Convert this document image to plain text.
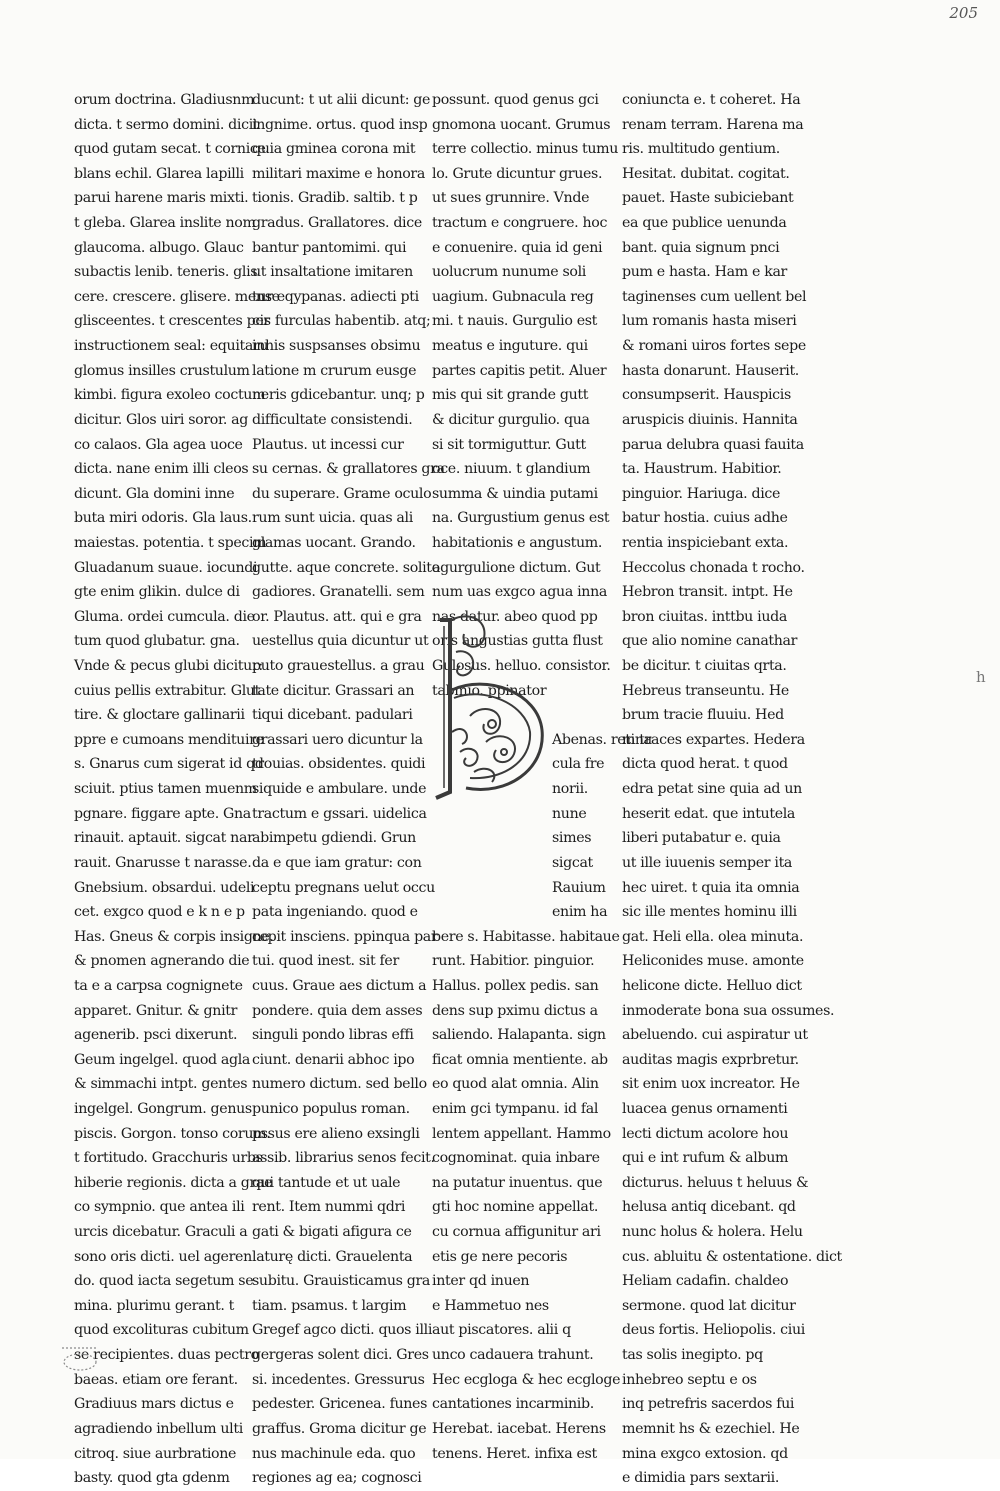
205
h
orum doctrina. Gladiusnm
dicta. t sermo domini. dicit
quod gutam secat. t cornice
blans echil. Glarea lapilli
parui harene maris mixti.
t gleba. Glarea inslite nom
glaucoma. albugo. Glauc
subactis lenib. teneris. glis
cere. crescere. glisere. mense
glisceentes. t crescentes per
instructionem seal: equitaru
glomus insilles crustulum
kimbi. figura exoleo coctum
dicitur. Glos uiri soror. ag
co calaos. Gla agea uoce
dicta. nane enim illi cleos
dicunt. Gla domini inne
buta miri odoris. Gla laus.
maiestas. potentia. t specim
Gluadanum suaue. iocundi
gte enim glikin. dulce di
Gluma. ordei cumcula. die
tum quod glubatur. gna.
Vnde & pecus glubi dicitur:
cuius pellis extrabitur. Glut
tire. & gloctare gallinarii
ppre e cumoans mendituire
s. Gnarus cum sigerat id qd
sciuit. ptius tamen muenm
pgnare. figgare apte. Gna
rinauit. aptauit. sigcat nar
rauit. Gnarusse t narasse.
Gnebsium. obsardui. udeli
cet. exgco quod e k n e p
Has. Gneus & corpis insigne.
& pnomen agnerando die
ta e a carpsa cognignete
apparet. Gnitur. & gnitr
agenerib. psci dixerunt.
Geum ingelgel. quod agla
& simmachi intpt. gentes
ingelgel. Gongrum. genus
piscis. Gorgon. tonso corum.
t fortitudo. Gracchuris urbs
hiberie regionis. dicta a grae
co sympnio. que antea ili
urcis dicebatur. Graculi a
sono oris dicti. uel ageren
do. quod iacta segetum se
mina. plurimu gerant. t
quod excolituras cubitum
se recipientes. duas pectro
baeas. etiam ore ferant.
Gradiuus mars dictus e
agradiendo inbellum ulti
citroq. siue aurbratione
basty. quod gta gdenm
ducunt: t ut alii dicunt: ge
ingnime. ortus. quod insp
quia gminea corona mit
militari maxime e honora
tionis. Gradib. saltib. t p
gradus. Grallatores. dice
bantur pantomimi. qui
ut insaltatione imitaren
tur eqypanas. adiecti pti
cis furculas habentib. atq;
inhis suspsanses obsimu
latione m crurum eusge
neris gdicebantur. unq; p
difficultate consistendi.
Plautus. ut incessi cur
su cernas. & grallatores gra
du superare. Grame oculo
rum sunt uicia. quas ali
glamas uocant. Grando.
gutte. aque concrete. solito
gadiores. Granatelli. sem
or. Plautus. att. qui e gra
uestellus quia dicuntur ut
puto grauestellus. a grau
tate dicitur. Grassari an
tiqui dicebant. padulari
grassari uero dicuntur la
trouias. obsidentes. quidi
siquide e ambulare. unde
tractum e gssari. uidelica
abimpetu gdiendi. Grun
da e que iam gratur: con
ceptu pregnans uelut occu
pata ingeniando. quod e
cepit insciens. ppinqua par
tui. quod inest. sit fer
cuus. Graue aes dictum a
pondere. quia dem asses
singuli pondo libras effi
ciunt. denarii abhoc ipo
numero dictum. sed bello
punico populus roman.
pssus ere alieno exsingli
assib. librarius senos fecit.
qui tantude et ut uale
rent. Item nummi qdri
gati & bigati afigura ce
laturę dicti. Grauelenta
subitu. Grauisticamus gra
tiam. psamus. t largim
Gregef agco dicti. quos illi
gergeras solent dici. Gres
si. incedentes. Gressurus
pedester. Gricenea. funes
graffus. Groma dicitur ge
nus machinule eda. quo
regiones ag ea; cognosci
possunt. quod genus gci
gnomona uocant. Grumus
terre collectio. minus tumu
lo. Grute dicuntur grues.
ut sues grunnire. Vnde
tractum e congruere. hoc
e conuenire. quia id geni
uolucrum nunume soli
uagium. Gubnacula reg
mi. t nauis. Gurgulio est
meatus e inguture. qui
partes capitis petit. Aluer
mis qui sit grande gutt
& dicitur gurgulio. qua
si sit tormiguttur. Gutt
oce. niuum. t glandium
summa & uindia putami
na. Gurgustium genus est
habitationis e angustum.
agurgulione dictum. Gut
num uas exgco agua inna
nas datur. abeo quod pp
oris angustias gutta flust
Gulosus. helluo. consistor.
tabmio. ppinator
Abenas. retina
cula fre
norii.
nune
simes
sigcat
Rauium
enim ha
bere s. Habitasse. habitaue
runt. Habitior. pinguior.
Hallus. pollex pedis. san
dens sup pximu dictus a
saliendo. Halapanta. sign
ficat omnia mentiente. ab
eo quod alat omnia. Alin
enim gci tympanu. id fal
lentem appellant. Hammo
cognominat. quia inbare
na putatur inuentus. que
gti hoc nomine appellat.
cu cornua affigunitur ari
etis ge nere pecoris
inter qd inuen
e Hammetuo nes
aut piscatores. alii q
unco cadauera trahunt.
Hec ecgloga & hec ecgloge
cantationes incarminib.
Herebat. iacebat. Herens
tenens. Heret. infixa est
coniuncta e. t coheret. Ha
renam terram. Harena ma
ris. multitudo gentium.
Hesitat. dubitat. cogitat.
pauet. Haste subiciebant
ea que publice uenunda
bant. quia signum pnci
pum e hasta. Ham e kar
taginenses cum uellent bel
lum romanis hasta miseri
& romani uiros fortes sepe
hasta donarunt. Hauserit.
consumpserit. Hauspicis
aruspicis diuinis. Hannita
parua delubra quasi fauita
ta. Haustrum. Habitior.
pinguior. Hariuga. dice
batur hostia. cuius adhe
rentia inspiciebant exta.
Heccolus chonada t rocho.
Hebron transit. intpt. He
bron ciuitas. inttbu iuda
que alio nomine canathar
be dicitur. t ciuitas qrta.
Hebreus transeuntu. He
brum tracie fluuiu. Hed
m traces expartes. Hedera
dicta quod herat. t quod
edra petat sine quia ad un
heserit edat. que intutela
liberi putabatur e. quia
ut ille iuuenis semper ita
hec uiret. t quia ita omnia
sic ille mentes hominu illi
gat. Heli ella. olea minuta.
Heliconides muse. amonte
helicone dicte. Helluo dict
inmoderate bona sua ossumes.
abeluendo. cui aspiratur ut
auditas magis exprbretur.
sit enim uox increator. He
luacea genus ornamenti
lecti dictum acolore hou
qui e int rufum & album
dicturus. heluus t heluus &
helusa antiq dicebant. qd
nunc holus & holera. Helu
cus. abluitu & ostentatione. dict
Heliam cadafin. chaldeo
sermone. quod lat dicitur
deus fortis. Heliopolis. ciui
tas solis inegipto. pq
inhebreo septu e os
inq petrefris sacerdos fui
memnit hs & ezechiel. He
mina exgco extosion. qd
e dimidia pars sextarii.
